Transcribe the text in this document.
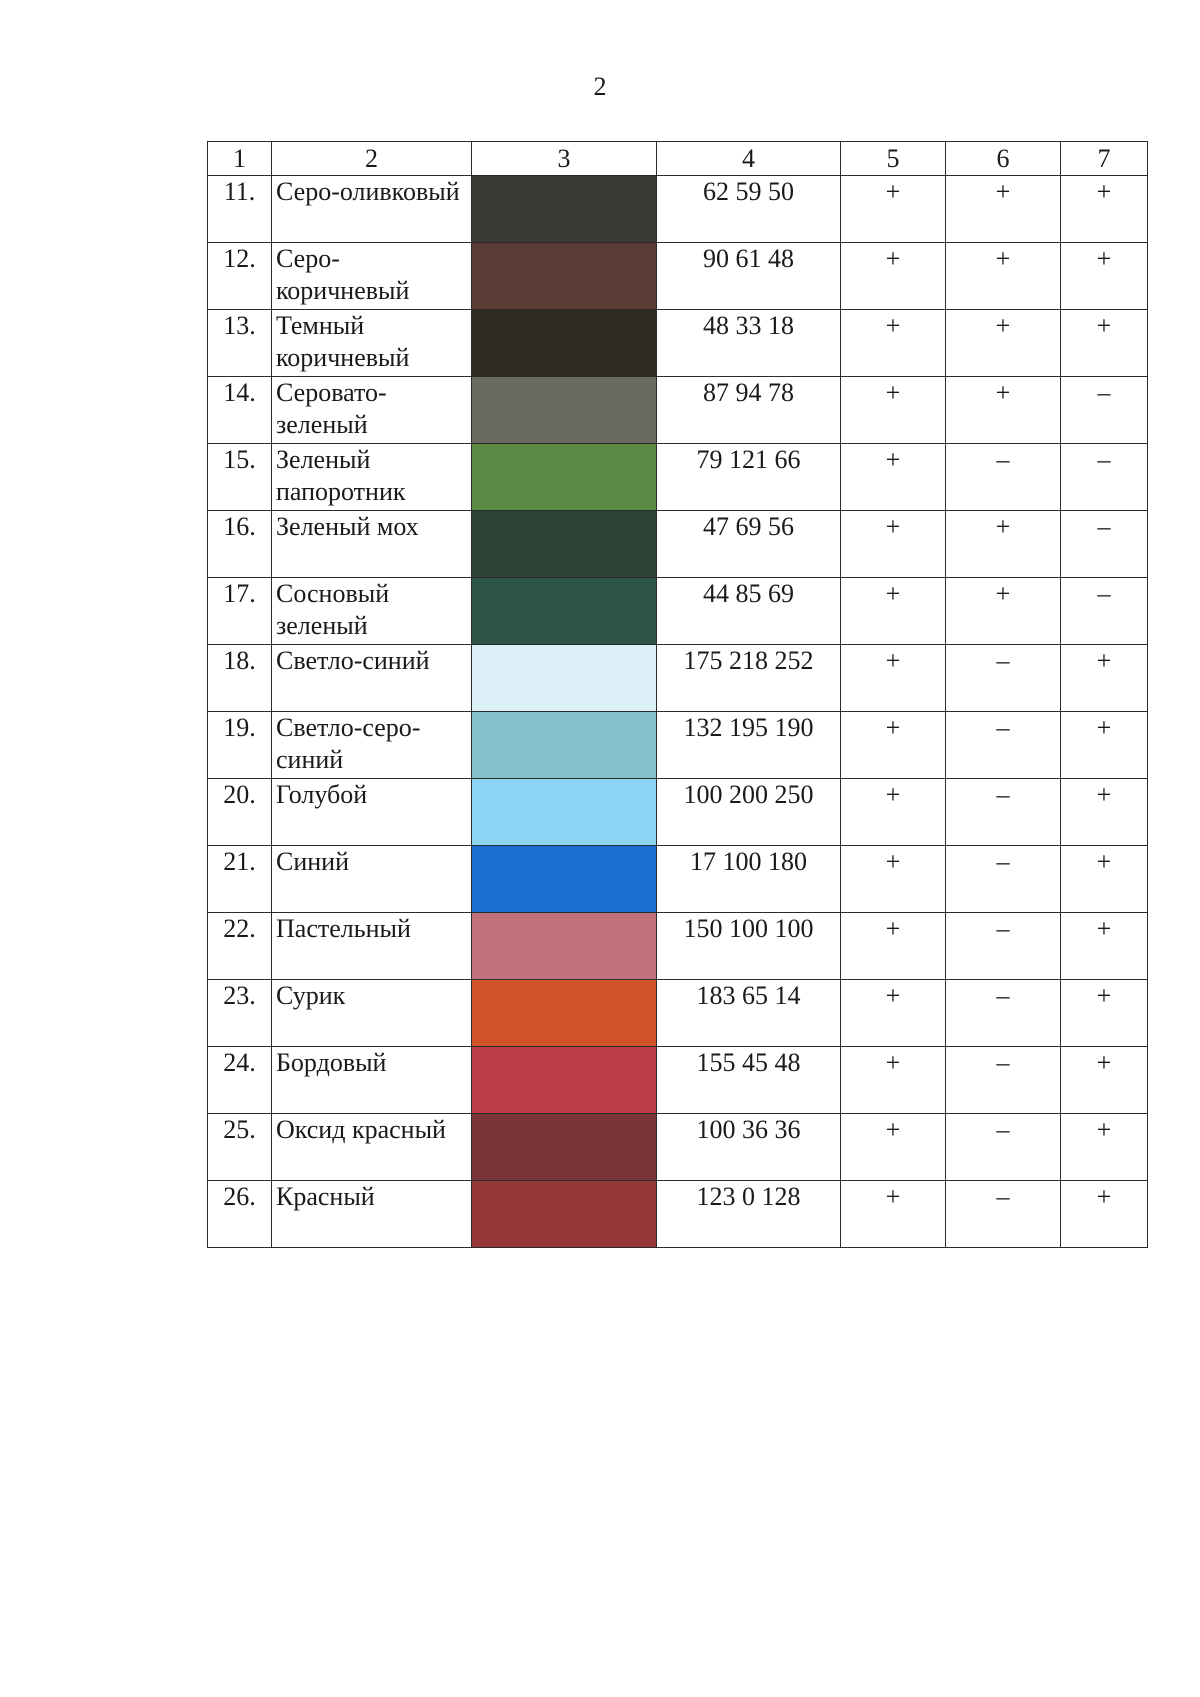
2
1	2	3	4	5	6	7
11.	Серо-оливковый		62 59 50	+	+	+
12.	Серо-коричневый		90 61 48	+	+	+
13.	Темный коричневый		48 33 18	+	+	+
14.	Серовато-зеленый		87 94 78	+	+	–
15.	Зеленый папоротник		79 121 66	+	–	–
16.	Зеленый мох		47 69 56	+	+	–
17.	Сосновый зеленый		44 85 69	+	+	–
18.	Светло-синий		175 218 252	+	–	+
19.	Светло-серо-синий		132 195 190	+	–	+
20.	Голубой		100 200 250	+	–	+
21.	Синий		17 100 180	+	–	+
22.	Пастельный		150 100 100	+	–	+
23.	Сурик		183 65 14	+	–	+
24.	Бордовый		155 45 48	+	–	+
25.	Оксид красный		100 36 36	+	–	+
26.	Красный		123 0 128	+	–	+
